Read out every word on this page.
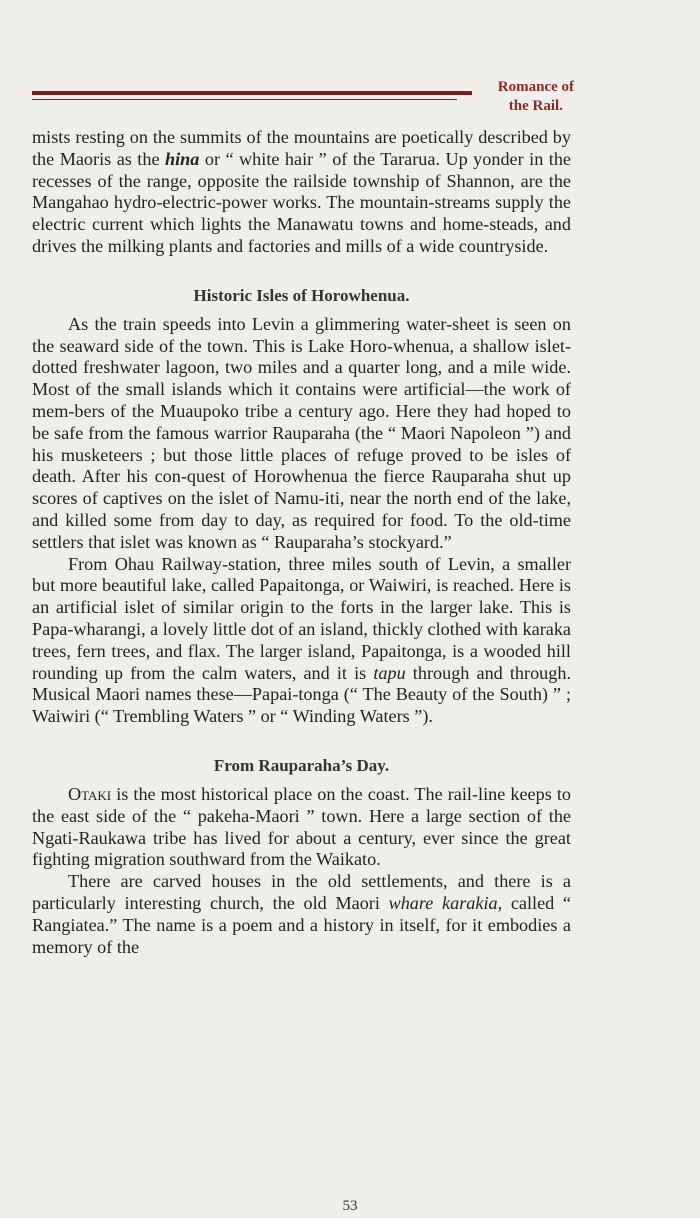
Romance of
the Rail.

mists resting on the summits of the mountains are poetically described by the Maoris as the hina or “ white hair ” of the Tararua. Up yonder in the recesses of the range, opposite the railside township of Shannon, are the Mangahao hydro-electric-power works. The mountain-streams supply the electric current which lights the Manawatu towns and home-steads, and drives the milking plants and factories and mills of a wide countryside.

Historic Isles of Horowhenua.

As the train speeds into Levin a glimmering water-sheet is seen on the seaward side of the town. This is Lake Horo-whenua, a shallow islet-dotted freshwater lagoon, two miles and a quarter long, and a mile wide. Most of the small islands which it contains were artificial—the work of mem-bers of the Muaupoko tribe a century ago. Here they had hoped to be safe from the famous warrior Rauparaha (the “ Maori Napoleon ”) and his musketeers ; but those little places of refuge proved to be isles of death. After his con-quest of Horowhenua the fierce Rauparaha shut up scores of captives on the islet of Namu-iti, near the north end of the lake, and killed some from day to day, as required for food. To the old-time settlers that islet was known as “ Rauparaha’s stockyard.”

From Ohau Railway-station, three miles south of Levin, a smaller but more beautiful lake, called Papaitonga, or Waiwiri, is reached. Here is an artificial islet of similar origin to the forts in the larger lake. This is Papa-wharangi, a lovely little dot of an island, thickly clothed with karaka trees, fern trees, and flax. The larger island, Papaitonga, is a wooded hill rounding up from the calm waters, and it is tapu through and through. Musical Maori names these—Papai-tonga (“ The Beauty of the South) ” ; Waiwiri (“ Trembling Waters ” or “ Winding Waters ”).

From Rauparaha’s Day.

Otaki is the most historical place on the coast. The rail-line keeps to the east side of the “ pakeha-Maori ” town. Here a large section of the Ngati-Raukawa tribe has lived for about a century, ever since the great fighting migration southward from the Waikato.

There are carved houses in the old settlements, and there is a particularly interesting church, the old Maori whare karakia, called “ Rangiatea.” The name is a poem and a history in itself, for it embodies a memory of the

53
